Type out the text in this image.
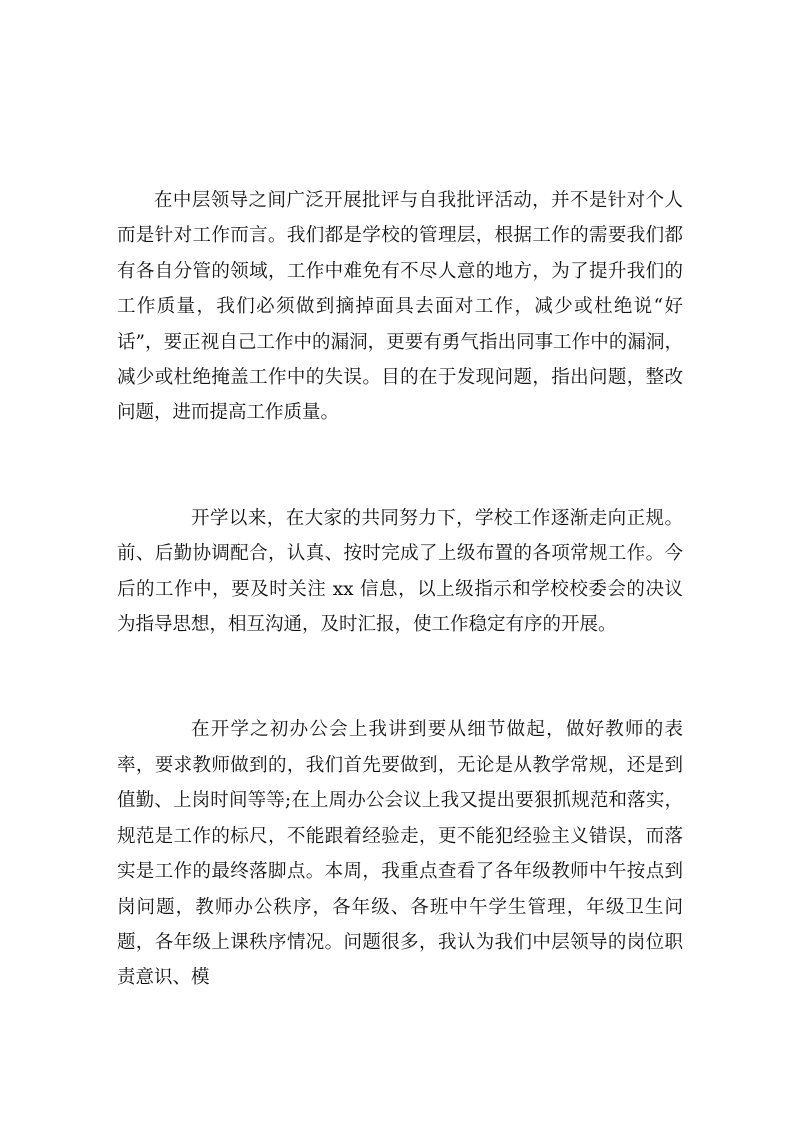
在中层领导之间广泛开展批评与自我批评活动，并不是针对个人而是针对工作而言。我们都是学校的管理层，根据工作的需要我们都有各自分管的领域，工作中难免有不尽人意的地方，为了提升我们的工作质量，我们必须做到摘掉面具去面对工作，减少或杜绝说“好话”，要正视自己工作中的漏洞，更要有勇气指出同事工作中的漏洞，减少或杜绝掩盖工作中的失误。目的在于发现问题，指出问题，整改问题，进而提高工作质量。

开学以来，在大家的共同努力下，学校工作逐渐走向正规。前、后勤协调配合，认真、按时完成了上级布置的各项常规工作。今后的工作中，要及时关注 xx 信息，以上级指示和学校校委会的决议为指导思想，相互沟通，及时汇报，使工作稳定有序的开展。

在开学之初办公会上我讲到要从细节做起，做好教师的表率，要求教师做到的，我们首先要做到，无论是从教学常规，还是到值勤、上岗时间等等;在上周办公会议上我又提出要狠抓规范和落实，规范是工作的标尺，不能跟着经验走，更不能犯经验主义错误，而落实是工作的最终落脚点。本周，我重点查看了各年级教师中午按点到岗问题，教师办公秩序，各年级、各班中午学生管理，年级卫生问题，各年级上课秩序情况。问题很多，我认为我们中层领导的岗位职责意识、模
